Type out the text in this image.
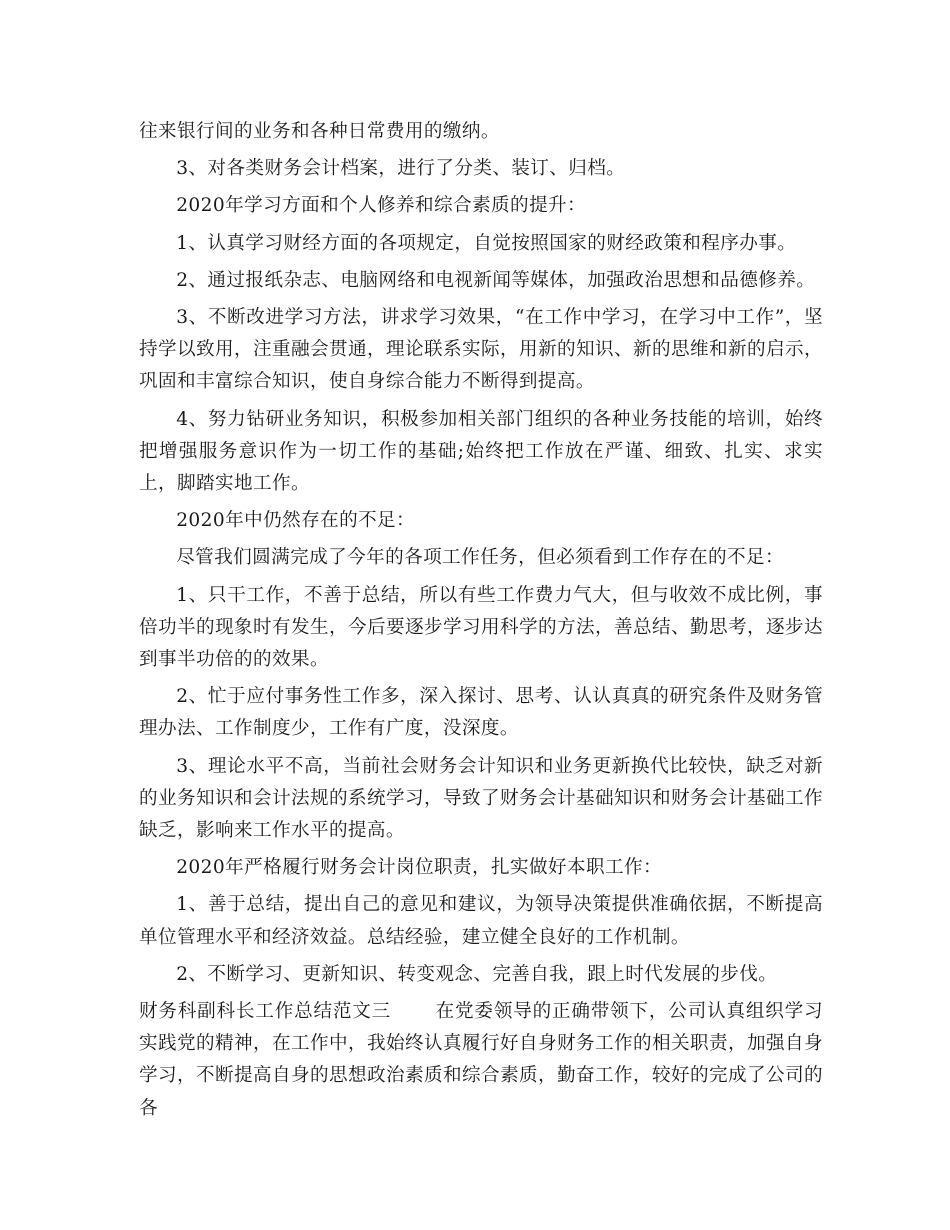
往来银行间的业务和各种日常费用的缴纳。

3、对各类财务会计档案，进行了分类、装订、归档。

2020年学习方面和个人修养和综合素质的提升：

1、认真学习财经方面的各项规定，自觉按照国家的财经政策和程序办事。

2、通过报纸杂志、电脑网络和电视新闻等媒体，加强政治思想和品德修养。

3、不断改进学习方法，讲求学习效果，“在工作中学习，在学习中工作”，坚持学以致用，注重融会贯通，理论联系实际，用新的知识、新的思维和新的启示，巩固和丰富综合知识，使自身综合能力不断得到提高。

4、努力钻研业务知识，积极参加相关部门组织的各种业务技能的培训，始终把增强服务意识作为一切工作的基础;始终把工作放在严谨、细致、扎实、求实上，脚踏实地工作。

2020年中仍然存在的不足：

尽管我们圆满完成了今年的各项工作任务，但必须看到工作存在的不足：

1、只干工作，不善于总结，所以有些工作费力气大，但与收效不成比例，事倍功半的现象时有发生，今后要逐步学习用科学的方法，善总结、勤思考，逐步达到事半功倍的的效果。

2、忙于应付事务性工作多，深入探讨、思考、认认真真的研究条件及财务管理办法、工作制度少，工作有广度，没深度。

3、理论水平不高，当前社会财务会计知识和业务更新换代比较快，缺乏对新的业务知识和会计法规的系统学习，导致了财务会计基础知识和财务会计基础工作缺乏，影响来工作水平的提高。

2020年严格履行财务会计岗位职责，扎实做好本职工作：

1、善于总结，提出自己的意见和建议，为领导决策提供准确依据，不断提高单位管理水平和经济效益。总结经验，建立健全良好的工作机制。

2、不断学习、更新知识、转变观念、完善自我，跟上时代发展的步伐。

财务科副科长工作总结范文三 在党委领导的正确带领下，公司认真组织学习实践党的精神，在工作中，我始终认真履行好自身财务工作的相关职责，加强自身学习，不断提高自身的思想政治素质和综合素质，勤奋工作，较好的完成了公司的各
